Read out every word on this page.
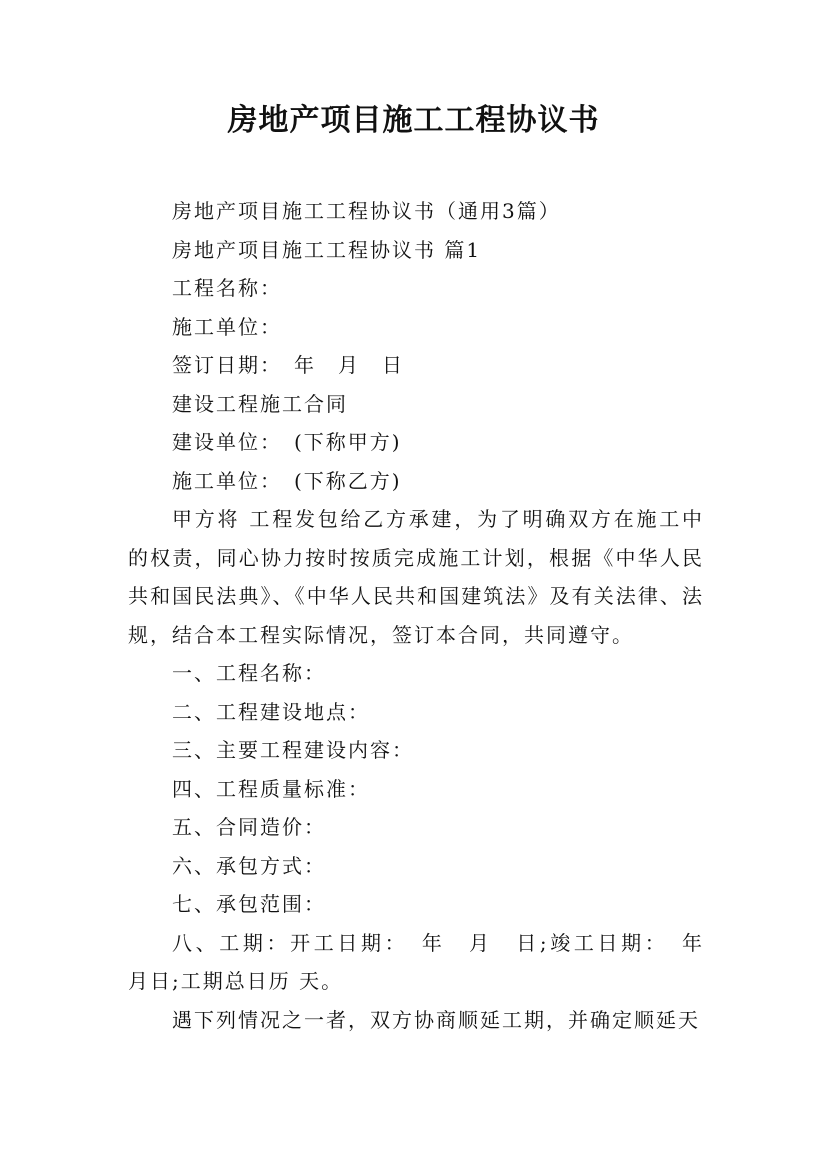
房地产项目施工工程协议书

房地产项目施工工程协议书（通用3篇）

房地产项目施工工程协议书 篇1

工程名称：

施工单位：

签订日期：　年　月　日

建设工程施工合同

建设单位：　(下称甲方)

施工单位：　(下称乙方)

甲方将 工程发包给乙方承建，为了明确双方在施工中的权责，同心协力按时按质完成施工计划，根据《中华人民共和国民法典》、《中华人民共和国建筑法》及有关法律、法规，结合本工程实际情况，签订本合同，共同遵守。

一、工程名称：

二、工程建设地点：

三、主要工程建设内容：

四、工程质量标准：

五、合同造价：

六、承包方式：

七、承包范围：

八、工期：开工日期：　年　月　日;竣工日期：　年　月日;工期总日历 天。

遇下列情况之一者，双方协商顺延工期，并确定顺延天
